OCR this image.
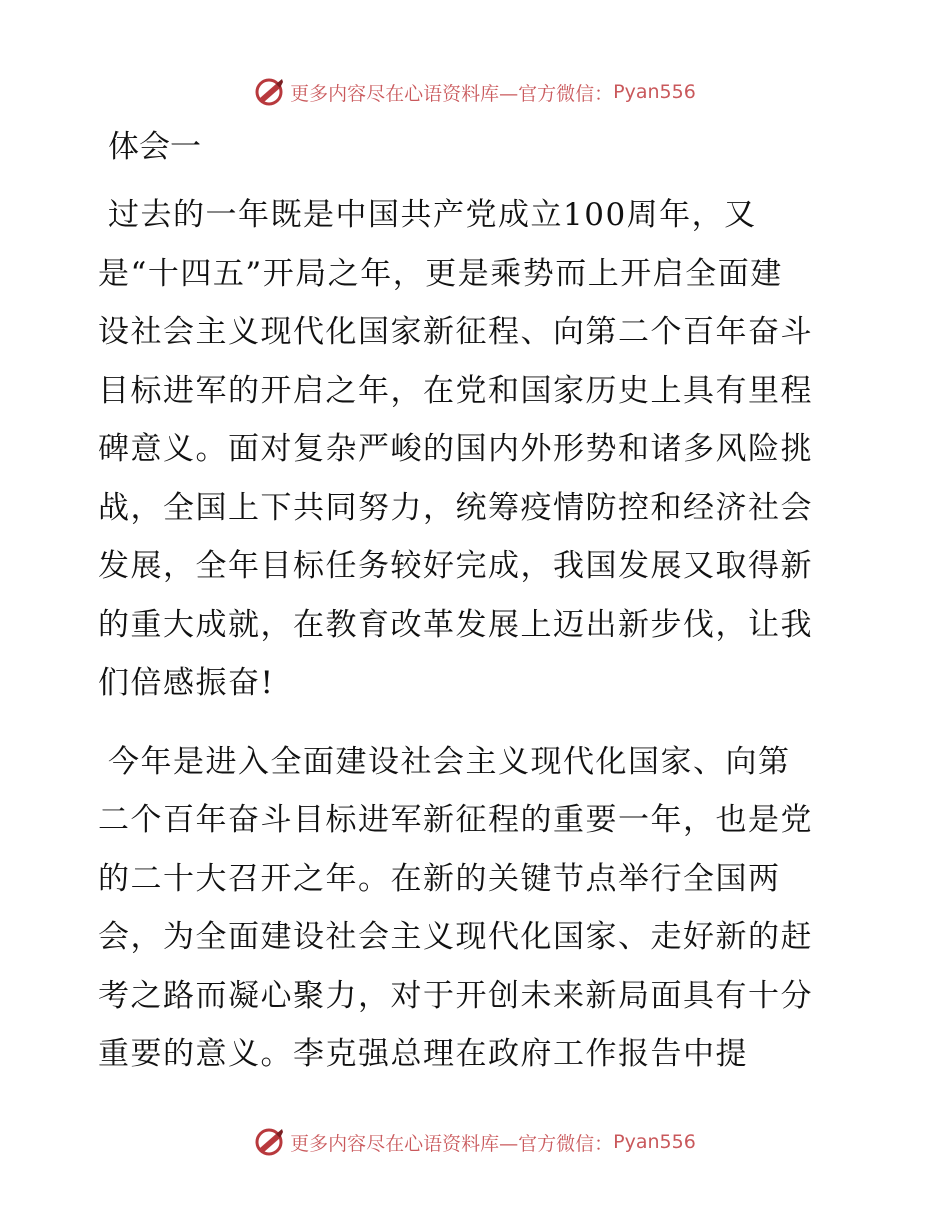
更多内容尽在心语资料库—官方微信： Pyan556
体会一
过去的一年既是中国共产党成立100周年，又
是“十四五”开局之年，更是乘势而上开启全面建
设社会主义现代化国家新征程、向第二个百年奋斗
目标进军的开启之年，在党和国家历史上具有里程
碑意义。面对复杂严峻的国内外形势和诸多风险挑
战，全国上下共同努力，统筹疫情防控和经济社会
发展，全年目标任务较好完成，我国发展又取得新
的重大成就，在教育改革发展上迈出新步伐，让我
们倍感振奋!
今年是进入全面建设社会主义现代化国家、向第
二个百年奋斗目标进军新征程的重要一年，也是党
的二十大召开之年。在新的关键节点举行全国两
会，为全面建设社会主义现代化国家、走好新的赶
考之路而凝心聚力，对于开创未来新局面具有十分
重要的意义。李克强总理在政府工作报告中提
更多内容尽在心语资料库—官方微信： Pyan556
